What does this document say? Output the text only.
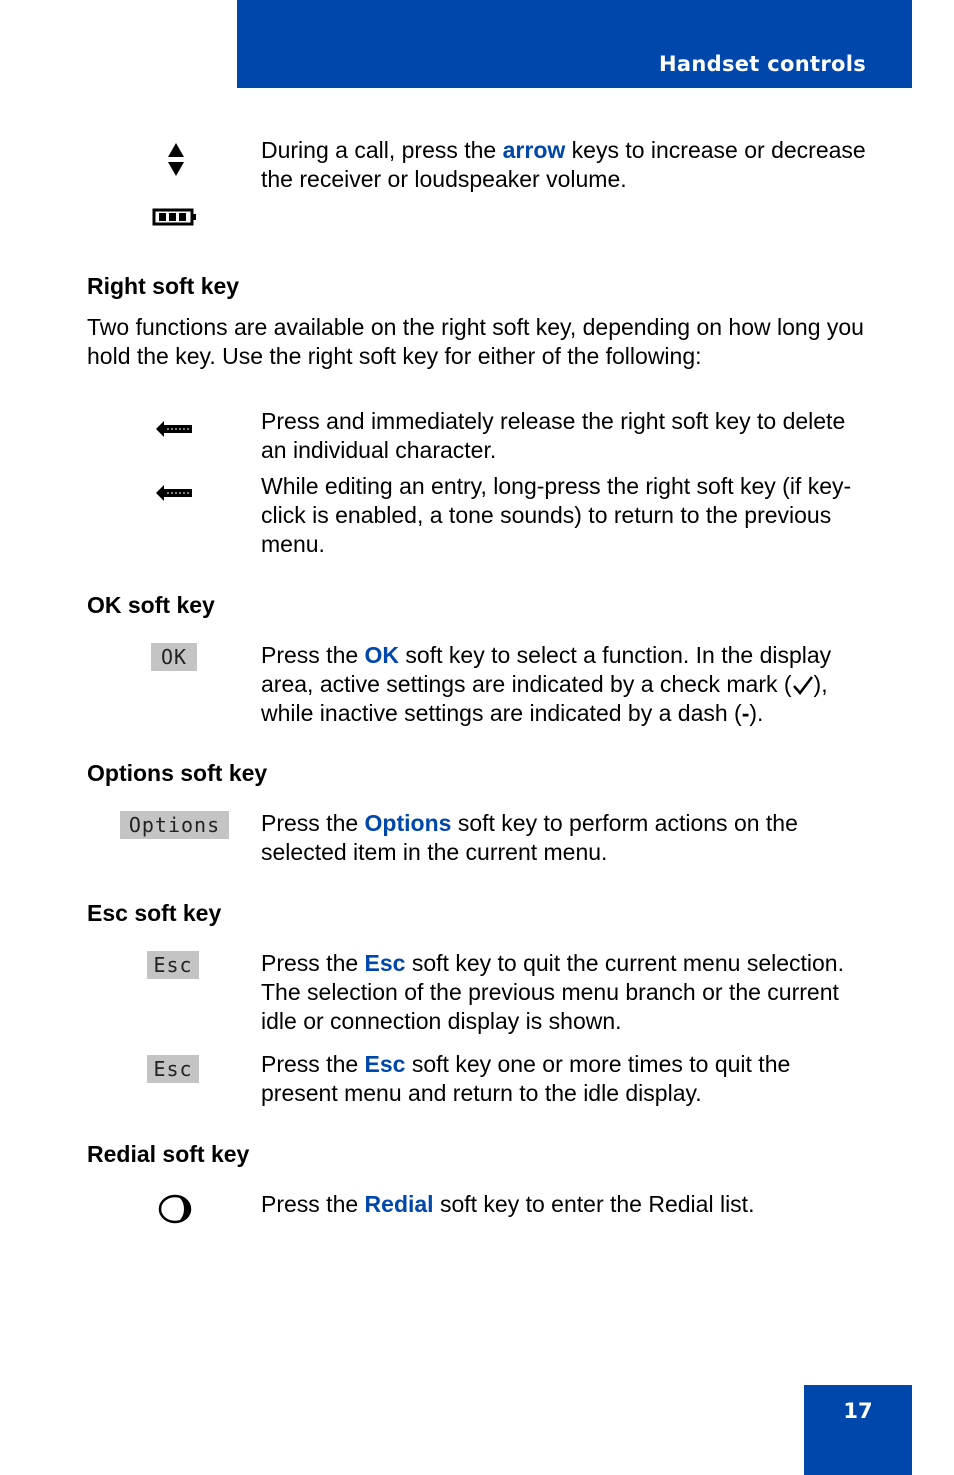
Handset controls
During a call, press the arrow keys to increase or decrease the receiver or loudspeaker volume.
Right soft key
Two functions are available on the right soft key, depending on how long you hold the key. Use the right soft key for either of the following:
Press and immediately release the right soft key to delete an individual character.
While editing an entry, long-press the right soft key (if key-click is enabled, a tone sounds) to return to the previous menu.
OK soft key
OK	Press the OK soft key to select a function. In the display area, active settings are indicated by a check mark ( ), while inactive settings are indicated by a dash (-).
Options soft key
Options	Press the Options soft key to perform actions on the selected item in the current menu.
Esc soft key
Esc	Press the Esc soft key to quit the current menu selection. The selection of the previous menu branch or the current idle or connection display is shown.
Esc	Press the Esc soft key one or more times to quit the present menu and return to the idle display.
Redial soft key
Press the Redial soft key to enter the Redial list.
17
